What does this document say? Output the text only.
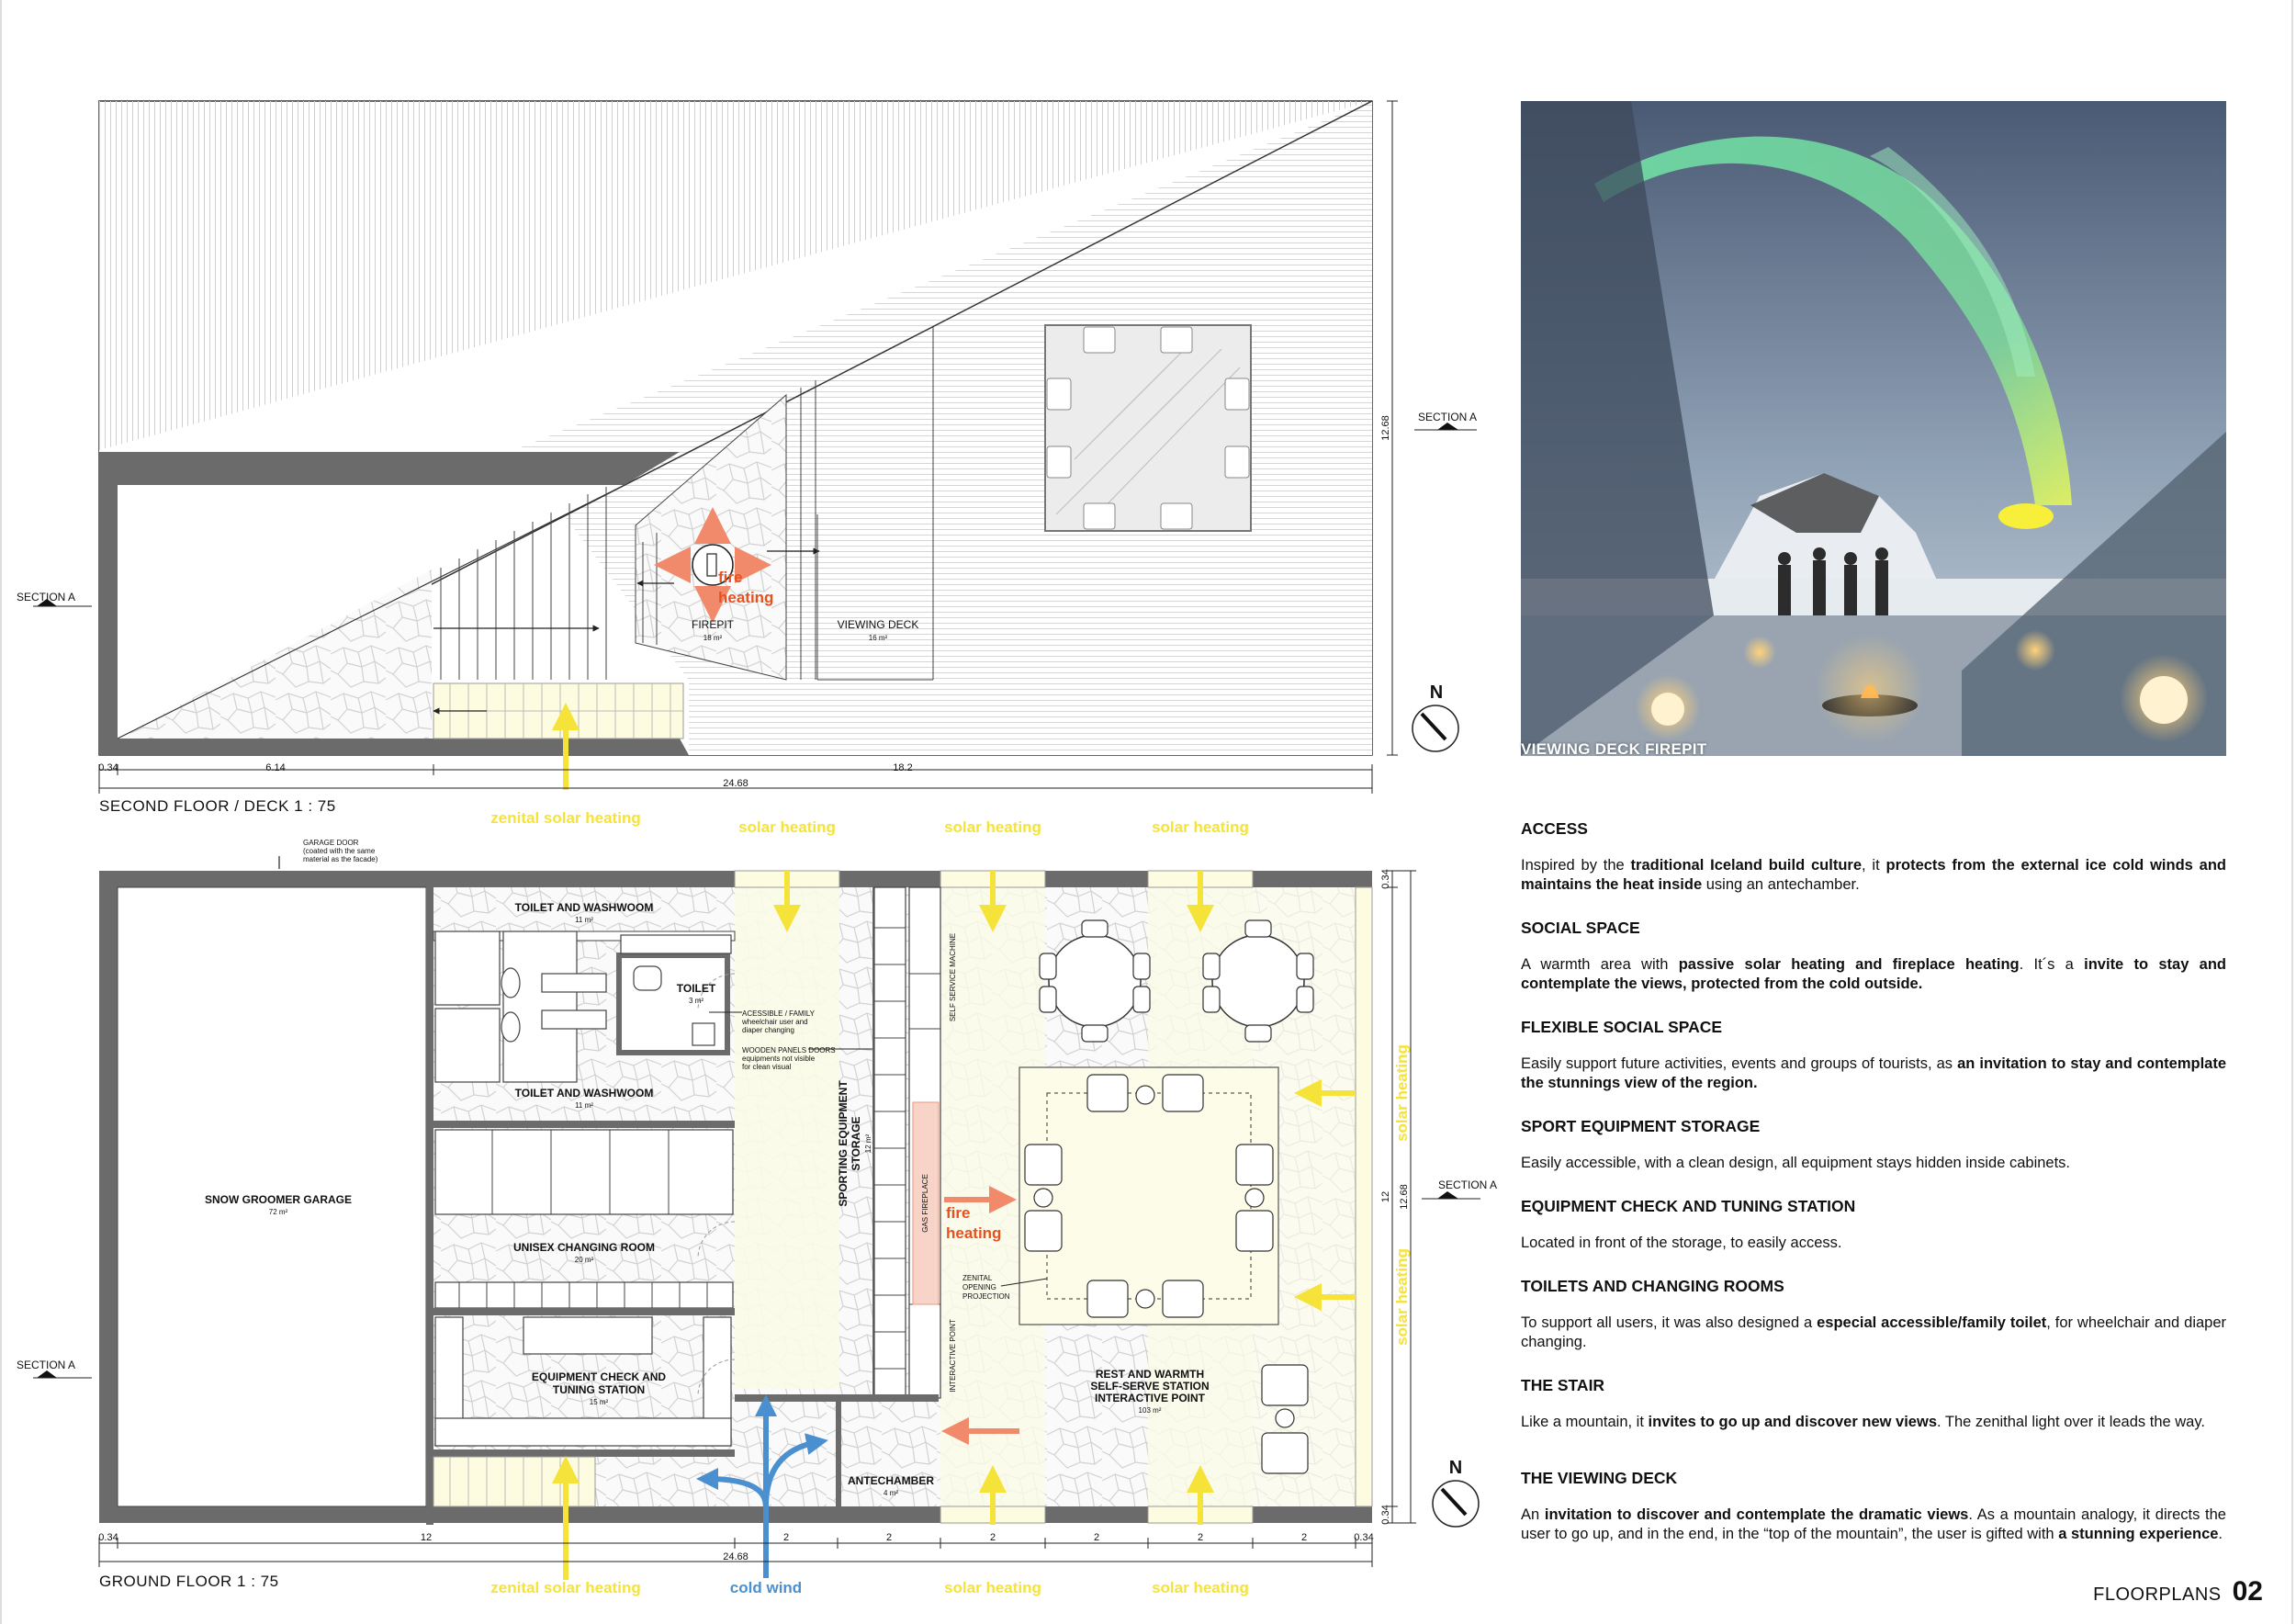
FIREPIT
18 m²
VIEWING DECK
16 m²
fire
heating
zenital solar heating
SECTION A
SECTION A
0.34	6.14	18.2
24.68
12.68
N
GARAGE DOOR
(coated with the same
material as the facade)
solar heating	solar heating	solar heating
solar heating
solar heating
SNOW GROOMER GARAGE
72 m²
TOILET AND WASHWOOM
11 m²
TOILET AND WASHWOOM
11 m²
TOILET
3 m²
UNISEX CHANGING ROOM
20 m²
EQUIPMENT CHECK AND
TUNING STATION
15 m²
SPORTING EQUIPMENT STORAGE 12 m²
ANTECHAMBER
4 m²
REST AND WARMTH
SELF-SERVE STATION
INTERACTIVE POINT
103 m²
ACESSIBLE / FAMILY
wheelchair user and
diaper changing
WOODEN PANELS DOORS
equipments not visible
for clean visual
SELF SERVICE MACHINE
GAS FIREPLACE
INTERACTIVE POINT
ZENITAL
OPENING
PROJECTION
fire
heating
zenital solar heating	cold wind	solar heating	solar heating
SECTION A
SECTION A
0.34	12	2	2	2	2	2	2	0.34
24.68
0.34
12
0.34
12.68
N
SECOND FLOOR / DECK 1 : 75
GROUND FLOOR 1 : 75
VIEWING DECK FIREPIT
ACCESS

Inspired by the traditional Iceland build culture, it protects from the external ice cold winds and maintains the heat inside using an antechamber.

SOCIAL SPACE

A warmth area with passive solar heating and fireplace heating. It´s a invite to stay and contemplate the views, protected from the cold outside.

FLEXIBLE SOCIAL SPACE

Easily support future activities, events and groups of tourists, as an invitation to stay and contemplate the stunnings view of the region.

SPORT EQUIPMENT STORAGE

Easily accessible, with a clean design, all equipment stays hidden inside cabinets.

EQUIPMENT CHECK AND TUNING STATION

Located in front of the storage, to easily access.

TOILETS AND CHANGING ROOMS

To support all users, it was also designed a especial accessible/family toilet, for wheelchair and diaper changing.

THE STAIR

Like a mountain, it invites to go up and discover new views. The zenithal light over it leads the way.

THE VIEWING DECK

An invitation to discover and contemplate the dramatic views. As a mountain analogy, it directs the user to go up, and in the end, in the “top of the mountain”, the user is gifted with a stunning experience.

FLOORPLANS 02
